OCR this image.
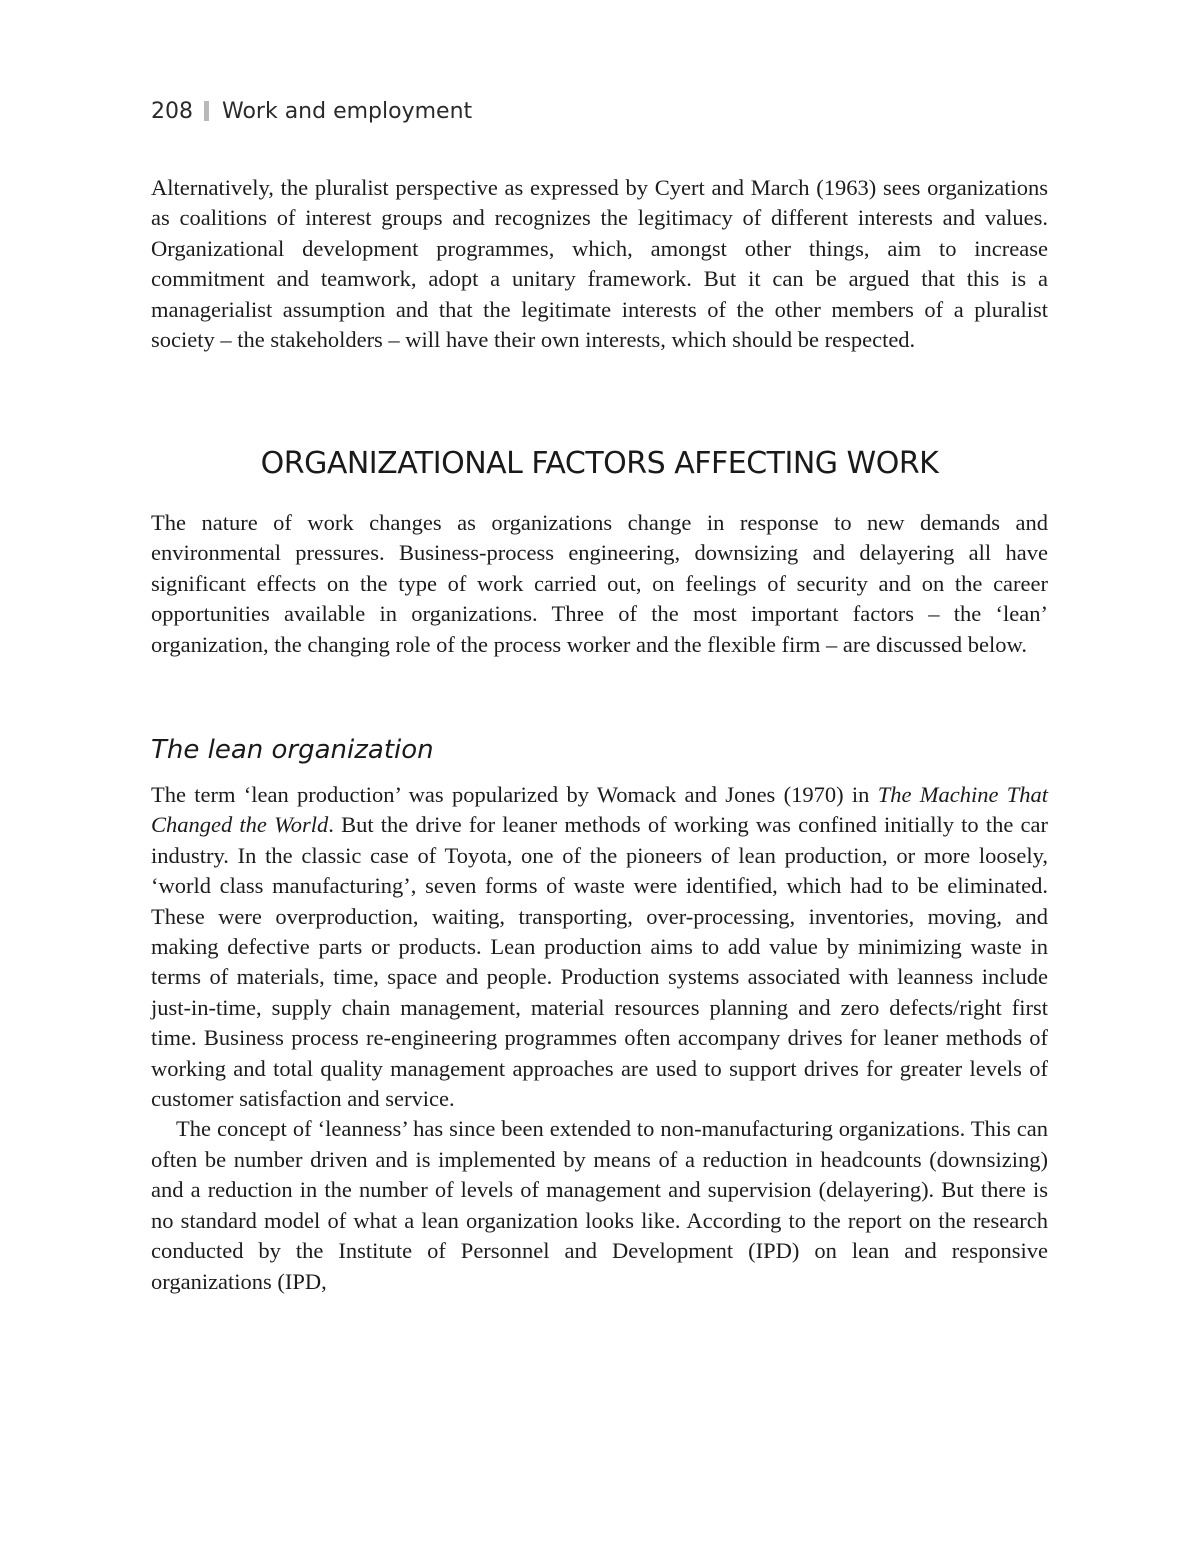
208 Work and employment

Alternatively, the pluralist perspective as expressed by Cyert and March (1963) sees organizations as coalitions of interest groups and recognizes the legitimacy of different interests and values. Organizational development programmes, which, amongst other things, aim to increase commitment and teamwork, adopt a unitary framework. But it can be argued that this is a managerialist assumption and that the legitimate interests of the other members of a pluralist society – the stakeholders – will have their own interests, which should be respected.

ORGANIZATIONAL FACTORS AFFECTING WORK

The nature of work changes as organizations change in response to new demands and environmental pressures. Business-process engineering, downsizing and delayering all have significant effects on the type of work carried out, on feelings of security and on the career opportunities available in organizations. Three of the most important factors – the ‘lean’ organization, the changing role of the process worker and the flexible firm – are discussed below.

The lean organization

The term ‘lean production’ was popularized by Womack and Jones (1970) in The Machine That Changed the World. But the drive for leaner methods of working was confined initially to the car industry. In the classic case of Toyota, one of the pioneers of lean production, or more loosely, ‘world class manufacturing’, seven forms of waste were identified, which had to be eliminated. These were overproduction, waiting, transporting, over-processing, inventories, moving, and making defective parts or products. Lean production aims to add value by minimizing waste in terms of materials, time, space and people. Production systems associated with leanness include just-in-time, supply chain management, material resources planning and zero defects/right first time. Business process re-engineering programmes often accompany drives for leaner methods of working and total quality management approaches are used to support drives for greater levels of customer satisfaction and service.

The concept of ‘leanness’ has since been extended to non-manufacturing organizations. This can often be number driven and is implemented by means of a reduction in headcounts (downsizing) and a reduction in the number of levels of management and supervision (delayering). But there is no standard model of what a lean organization looks like. According to the report on the research conducted by the Institute of Personnel and Development (IPD) on lean and responsive organizations (IPD,
